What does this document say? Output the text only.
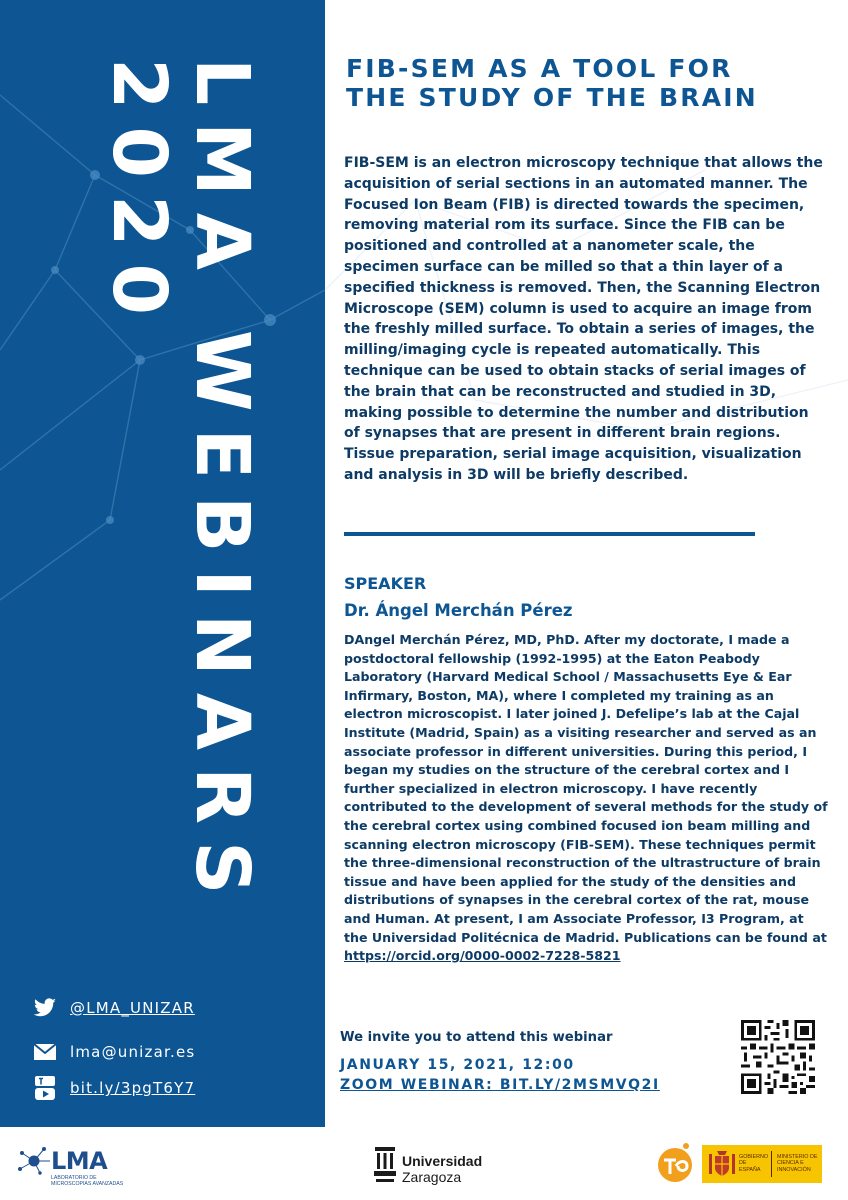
LMA WEBINARS
2020
@LMA_UNIZAR
lma@unizar.es
bit.ly/3pgT6Y7
FIB-SEM AS A TOOL FOR
THE STUDY OF THE BRAIN
FIB-SEM is an electron microscopy technique that allows the acquisition of serial sections in an automated manner. The Focused Ion Beam (FIB) is directed towards the specimen, removing material rom its surface. Since the FIB can be positioned and controlled at a nanometer scale, the specimen surface can be milled so that a thin layer of a specified thickness is removed. Then, the Scanning Electron Microscope (SEM) column is used to acquire an image from the freshly milled surface. To obtain a series of images, the milling/imaging cycle is repeated automatically. This technique can be used to obtain stacks of serial images of the brain that can be reconstructed and studied in 3D, making possible to determine the number and distribution of synapses that are present in different brain regions. Tissue preparation, serial image acquisition, visualization and analysis in 3D will be briefly described.
SPEAKER
Dr. Ángel Merchán Pérez
DAngel Merchán Pérez, MD, PhD. After my doctorate, I made a postdoctoral fellowship (1992-1995) at the Eaton Peabody Laboratory (Harvard Medical School / Massachusetts Eye & Ear Infirmary, Boston, MA), where I completed my training as an electron microscopist. I later joined J. Defelipe’s lab at the Cajal Institute (Madrid, Spain) as a visiting researcher and served as an associate professor in different universities. During this period, I began my studies on the structure of the cerebral cortex and I further specialized in electron microscopy. I have recently contributed to the development of several methods for the study of the cerebral cortex using combined focused ion beam milling and scanning electron microscopy (FIB-SEM). These techniques permit the three-dimensional reconstruction of the ultrastructure of brain tissue and have been applied for the study of the densities and distributions of synapses in the cerebral cortex of the rat, mouse and Human. At present, I am Associate Professor, I3 Program, at the Universidad Politécnica de Madrid. Publications can be found at
https://orcid.org/0000-0002-7228-5821
We invite you to attend this webinar
JANUARY 15, 2021, 12:00
ZOOM WEBINAR: BIT.LY/2MSMVQ2I
LMA
LABORATORIO DE MICROSCOPIAS AVANZADAS
Universidad
Zaragoza
GOBIERNO DE ESPAÑA
MINISTERIO DE CIENCIA E INNOVACIÓN
